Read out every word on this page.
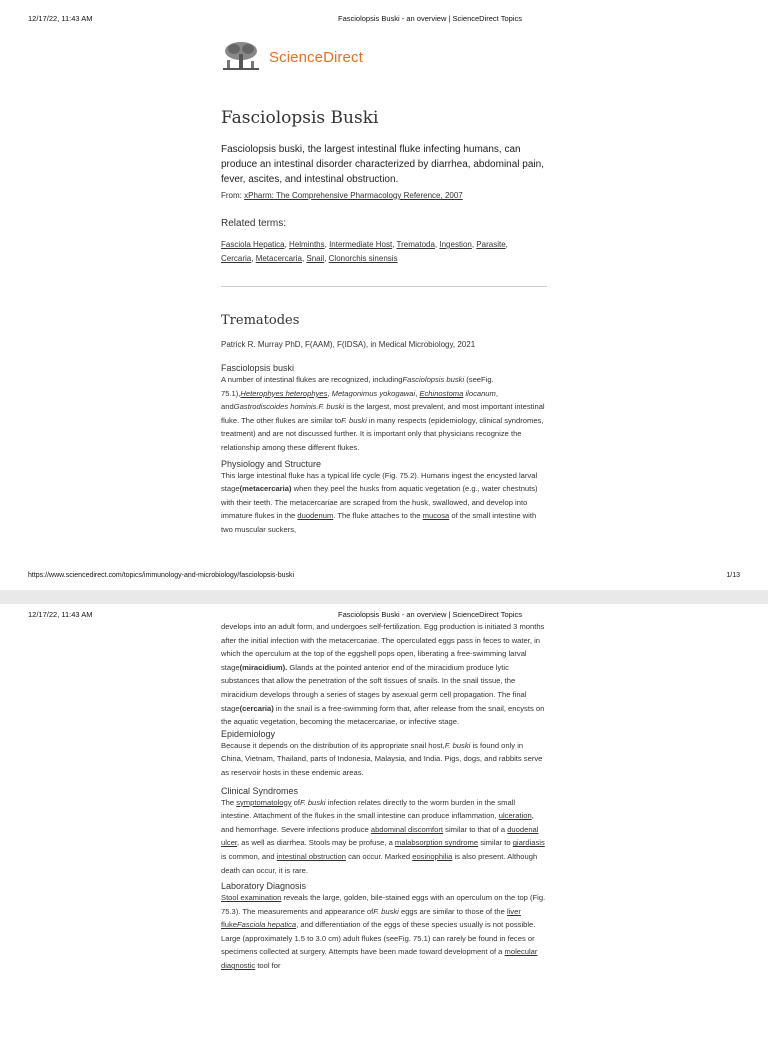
12/17/22, 11:43 AM	Fasciolopsis Buski - an overview | ScienceDirect Topics
ScienceDirect
Fasciolopsis Buski

Fasciolopsis buski, the largest intestinal fluke infecting humans, can produce an intestinal disorder characterized by diarrhea, abdominal pain, fever, ascites, and intestinal obstruction.

From: xPharm: The Comprehensive Pharmacology Reference, 2007
Related terms:
Fasciola Hepatica, Helminths, Intermediate Host, Trematoda, Ingestion, Parasite,
Cercaria, Metacercaria, Snail, Clonorchis sinensis
Trematodes
Patrick R. Murray PhD, F(AAM), F(IDSA), in Medical Microbiology, 2021
Fasciolopsis buski

A number of intestinal flukes are recognized, includingFasciolopsis buski (seeFig. 75.1),Heterophyes heterophyes, Metagonimus yokogawai, Echinostoma ilocanum, andGastrodiscoides hominis.F. buski is the largest, most prevalent, and most important intestinal fluke. The other flukes are similar toF. buski in many respects (epidemiology, clinical syndromes, treatment) and are not discussed further. It is important only that physicians recognize the relationship among these different flukes.

Physiology and Structure

This large intestinal fluke has a typical life cycle (Fig. 75.2). Humans ingest the encysted larval stage(metacercaria) when they peel the husks from aquatic vegetation (e.g., water chestnuts) with their teeth. The metacercariae are scraped from the husk, swallowed, and develop into immature flukes in the duodenum. The fluke attaches to the mucosa of the small intestine with two muscular suckers,

https://www.sciencedirect.com/topics/immunology-and-microbiology/fasciolopsis-buski	1/13
12/17/22, 11:43 AM	Fasciolopsis Buski - an overview | ScienceDirect Topics

develops into an adult form, and undergoes self-fertilization. Egg production is initiated 3 months after the initial infection with the metacercariae. The operculated eggs pass in feces to water, in which the operculum at the top of the eggshell pops open, liberating a free-swimming larval stage(miracidium). Glands at the pointed anterior end of the miracidium produce lytic substances that allow the penetration of the soft tissues of snails. In the snail tissue, the miracidium develops through a series of stages by asexual germ cell propagation. The final stage(cercaria) in the snail is a free-swimming form that, after release from the snail, encysts on the aquatic vegetation, becoming the metacercariae, or infective stage.

Epidemiology

Because it depends on the distribution of its appropriate snail host,F. buski is found only in China, Vietnam, Thailand, parts of Indonesia, Malaysia, and India. Pigs, dogs, and rabbits serve as reservoir hosts in these endemic areas.

Clinical Syndromes

The symptomatology ofF. buski infection relates directly to the worm burden in the small intestine. Attachment of the flukes in the small intestine can produce inflammation, ulceration, and hemorrhage. Severe infections produce abdominal discomfort similar to that of a duodenal ulcer, as well as diarrhea. Stools may be profuse, a malabsorption syndrome similar to giardiasis is common, and intestinal obstruction can occur. Marked eosinophilia is also present. Although death can occur, it is rare.

Laboratory Diagnosis

Stool examination reveals the large, golden, bile-stained eggs with an operculum on the top (Fig. 75.3). The measurements and appearance ofF. buski eggs are similar to those of the liver flukeFasciola hepatica, and differentiation of the eggs of these species usually is not possible. Large (approximately 1.5 to 3.0 cm) adult flukes (seeFig. 75.1) can rarely be found in feces or specimens collected at surgery. Attempts have been made toward development of a molecular diagnostic tool for
